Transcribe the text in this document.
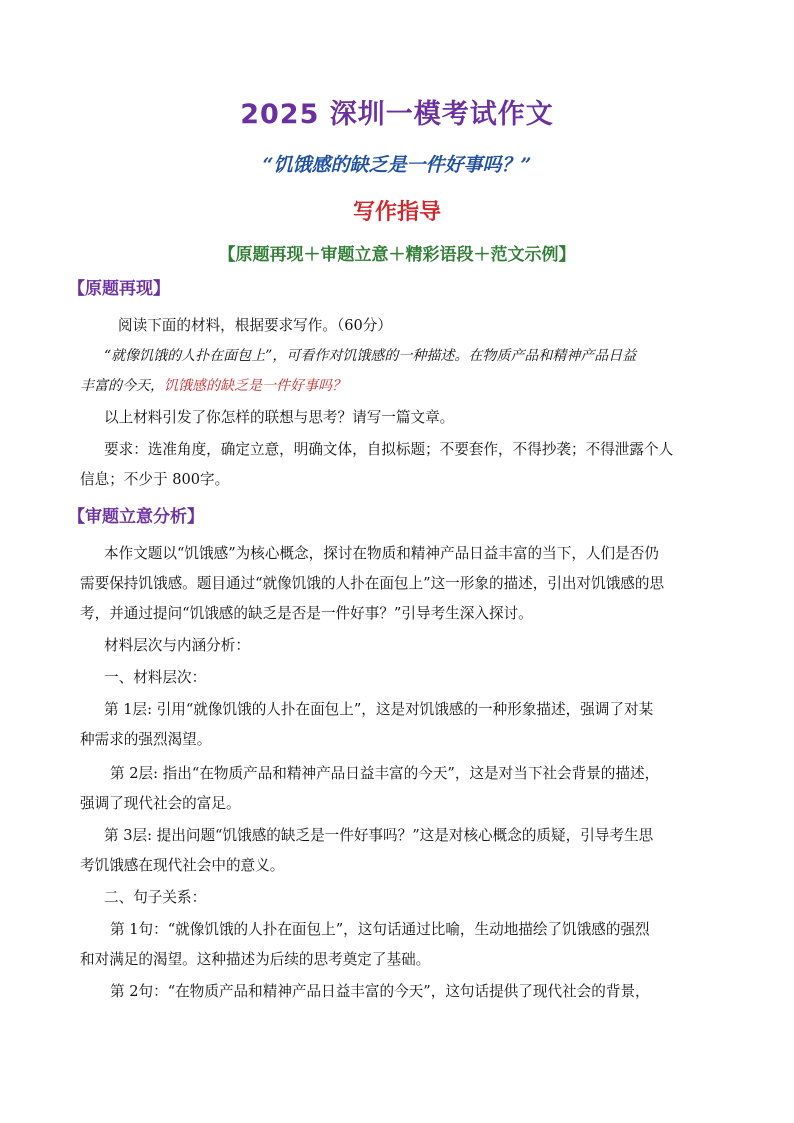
2025 深圳一模考试作文
“饥饿感的缺乏是一件好事吗？”
写作指导
【原题再现＋审题立意＋精彩语段＋范文示例】
【原题再现】
阅读下面的材料，根据要求写作。（60分）
“就像饥饿的人扑在面包上”，可看作对饥饿感的一种描述。在物质产品和精神产品日益
丰富的今天，饥饿感的缺乏是一件好事吗？
以上材料引发了你怎样的联想与思考？请写一篇文章。
要求：选准角度，确定立意，明确文体，自拟标题；不要套作，不得抄袭；不得泄露个人
信息；不少于 800字。
【审题立意分析】
本作文题以“饥饿感”为核心概念，探讨在物质和精神产品日益丰富的当下，人们是否仍
需要保持饥饿感。题目通过“就像饥饿的人扑在面包上”这一形象的描述，引出对饥饿感的思
考，并通过提问“饥饿感的缺乏是否是一件好事？”引导考生深入探讨。
材料层次与内涵分析：
一、材料层次：
第 1层: 引用“就像饥饿的人扑在面包上”，这是对饥饿感的一种形象描述，强调了对某
种需求的强烈渴望。
第 2层: 指出“在物质产品和精神产品日益丰富的今天”，这是对当下社会背景的描述，
强调了现代社会的富足。
第 3层: 提出问题“饥饿感的缺乏是一件好事吗？”这是对核心概念的质疑，引导考生思
考饥饿感在现代社会中的意义。
二、句子关系：
第 1句：“就像饥饿的人扑在面包上”，这句话通过比喻，生动地描绘了饥饿感的强烈
和对满足的渴望。这种描述为后续的思考奠定了基础。
第 2句：“在物质产品和精神产品日益丰富的今天”，这句话提供了现代社会的背景，
